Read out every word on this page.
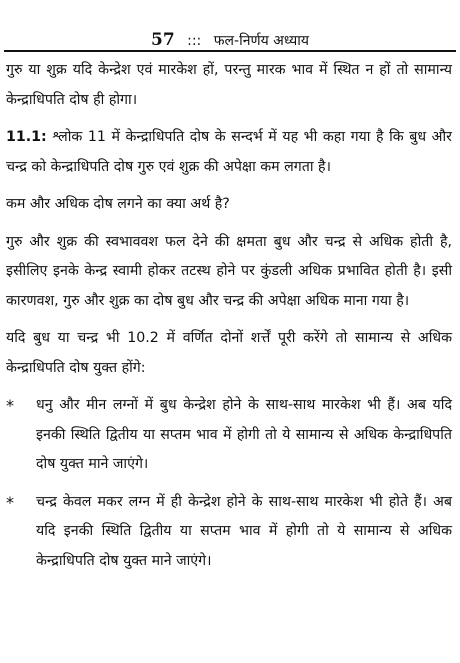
57 ::: फल-निर्णय अध्याय

गुरु या शुक्र यदि केन्द्रेश एवं मारकेश हों, परन्तु मारक भाव में स्थित न हों तो सामान्य केन्द्राधिपति दोष ही होगा।

11.1: श्लोक 11 में केन्द्राधिपति दोष के सन्दर्भ में यह भी कहा गया है कि बुध और चन्द्र को केन्द्राधिपति दोष गुरु एवं शुक्र की अपेक्षा कम लगता है।

कम और अधिक दोष लगने का क्या अर्थ है?

गुरु और शुक्र की स्वभाववश फल देने की क्षमता बुध और चन्द्र से अधिक होती है, इसीलिए इनके केन्द्र स्वामी होकर तटस्थ होने पर कुंडली अधिक प्रभावित होती है। इसी कारणवश, गुरु और शुक्र का दोष बुध और चन्द्र की अपेक्षा अधिक माना गया है।

यदि बुध या चन्द्र भी 10.2 में वर्णित दोनों शर्त्तें पूरी करेंगे तो सामान्य से अधिक केन्द्राधिपति दोष युक्त होंगे:

*	धनु और मीन लग्नों में बुध केन्द्रेश होने के साथ-साथ मारकेश भी हैं। अब यदि इनकी स्थिति द्वितीय या सप्तम भाव में होगी तो ये सामान्य से अधिक केन्द्राधिपति दोष युक्त माने जाएंगे।
*	चन्द्र केवल मकर लग्न में ही केन्द्रेश होने के साथ-साथ मारकेश भी होते हैं। अब यदि इनकी स्थिति द्वितीय या सप्तम भाव में होगी तो ये सामान्य से अधिक केन्द्राधिपति दोष युक्त माने जाएंगे।
